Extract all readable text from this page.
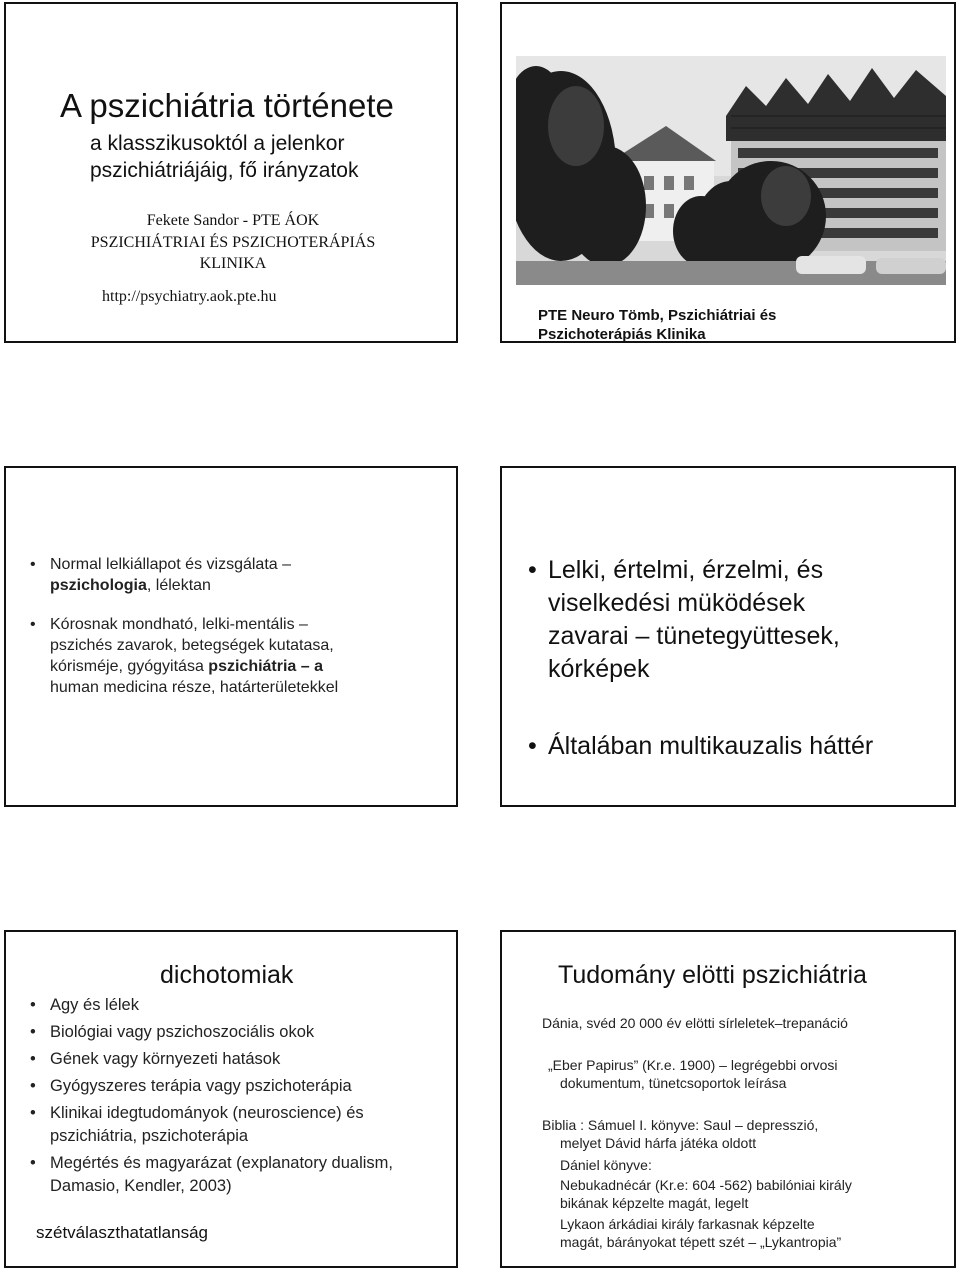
A pszichiátria története
a klasszikusoktól a jelenkor
pszichiátriájáig, fő irányzatok
Fekete Sandor - PTE ÁOK
PSZICHIÁTRIAI ÉS PSZICHOTERÁPIÁS
KLINIKA
http://psychiatry.aok.pte.hu
PTE Neuro Tömb, Pszichiátriai és
Pszichoterápiás Klinika
• Normal lelkiállapot és vizsgálata –
pszichologia, lélektan
• Kórosnak mondható, lelki-mentális –
pszichés zavarok, betegségek kutatasa,
kórisméje, gyógyitása pszichiátria – a
human medicina része, határterületekkel
• Lelki, értelmi, érzelmi, és viselkedési müködések zavarai – tünetegyüttesek, kórképek
• Általában multikauzalis háttér
dichotomiak
• Agy és lélek
• Biológiai vagy pszichoszociális okok
• Gének vagy környezeti hatások
• Gyógyszeres terápia vagy pszichoterápia
• Klinikai idegtudományok (neuroscience) és pszichiátria, pszichoterápia
• Megértés és magyarázat (explanatory dualism, Damasio, Kendler, 2003)
szétválaszthatatlanság
Tudomány elötti pszichiátria
Dánia, svéd 20 000 év elötti sírleletek–trepanáció
„Eber Papirus” (Kr.e. 1900) – legrégebbi orvosi
dokumentum, tünetcsoportok leírása
Biblia : Sámuel I. könyve: Saul – depresszió,
melyet Dávid hárfa játéka oldott
Dániel könyve:
Nebukadnécár (Kr.e: 604 -562) babilóniai király
bikának képzelte magát, legelt
Lykaon árkádiai király farkasnak képzelte
magát, bárányokat tépett szét – „Lykantropia”
